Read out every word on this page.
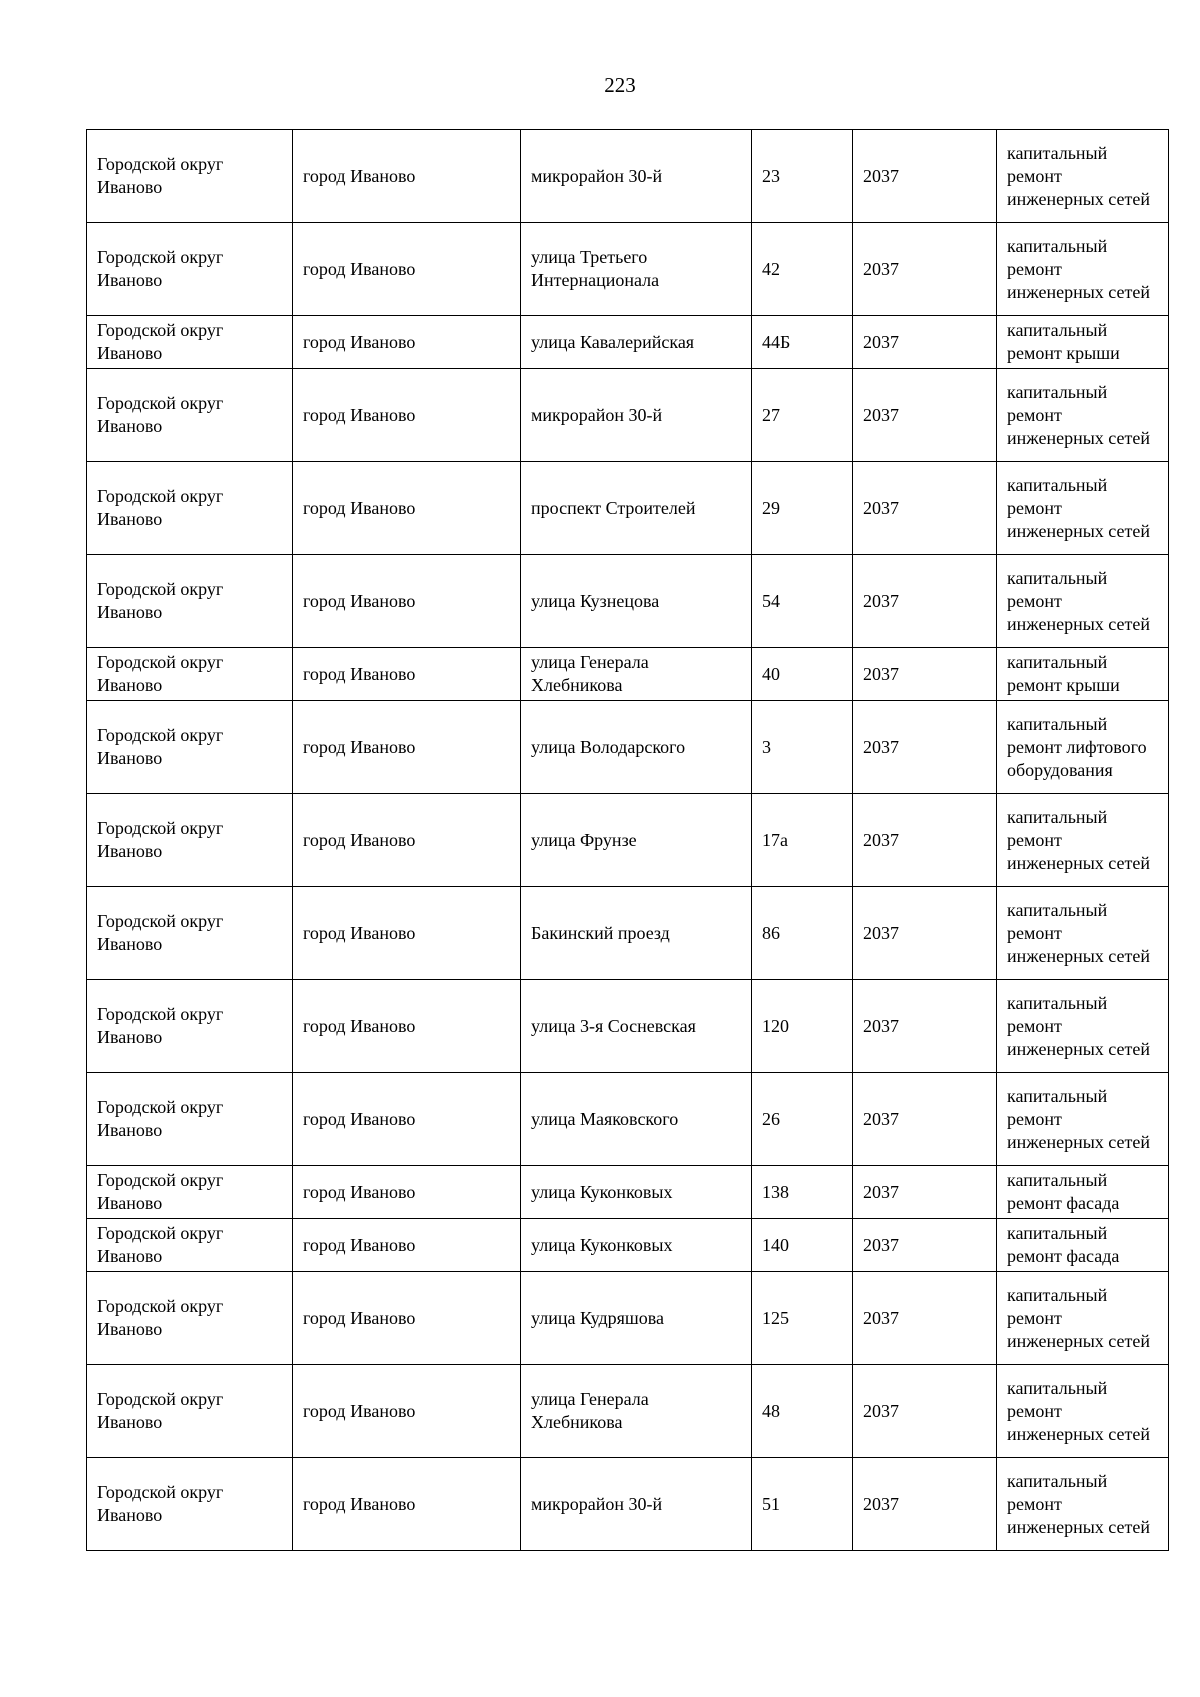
223
Городской округ Иваново	город Иваново	микрорайон 30-й	23	2037	капитальный ремонт инженерных сетей
Городской округ Иваново	город Иваново	улица Третьего Интернационала	42	2037	капитальный ремонт инженерных сетей
Городской округ Иваново	город Иваново	улица Кавалерийская	44Б	2037	капитальный ремонт крыши
Городской округ Иваново	город Иваново	микрорайон 30-й	27	2037	капитальный ремонт инженерных сетей
Городской округ Иваново	город Иваново	проспект Строителей	29	2037	капитальный ремонт инженерных сетей
Городской округ Иваново	город Иваново	улица Кузнецова	54	2037	капитальный ремонт инженерных сетей
Городской округ Иваново	город Иваново	улица Генерала Хлебникова	40	2037	капитальный ремонт крыши
Городской округ Иваново	город Иваново	улица Володарского	3	2037	капитальный ремонт лифтового оборудования
Городской округ Иваново	город Иваново	улица Фрунзе	17а	2037	капитальный ремонт инженерных сетей
Городской округ Иваново	город Иваново	Бакинский проезд	86	2037	капитальный ремонт инженерных сетей
Городской округ Иваново	город Иваново	улица 3-я Сосневская	120	2037	капитальный ремонт инженерных сетей
Городской округ Иваново	город Иваново	улица Маяковского	26	2037	капитальный ремонт инженерных сетей
Городской округ Иваново	город Иваново	улица Куконковых	138	2037	капитальный ремонт фасада
Городской округ Иваново	город Иваново	улица Куконковых	140	2037	капитальный ремонт фасада
Городской округ Иваново	город Иваново	улица Кудряшова	125	2037	капитальный ремонт инженерных сетей
Городской округ Иваново	город Иваново	улица Генерала Хлебникова	48	2037	капитальный ремонт инженерных сетей
Городской округ Иваново	город Иваново	микрорайон 30-й	51	2037	капитальный ремонт инженерных сетей
